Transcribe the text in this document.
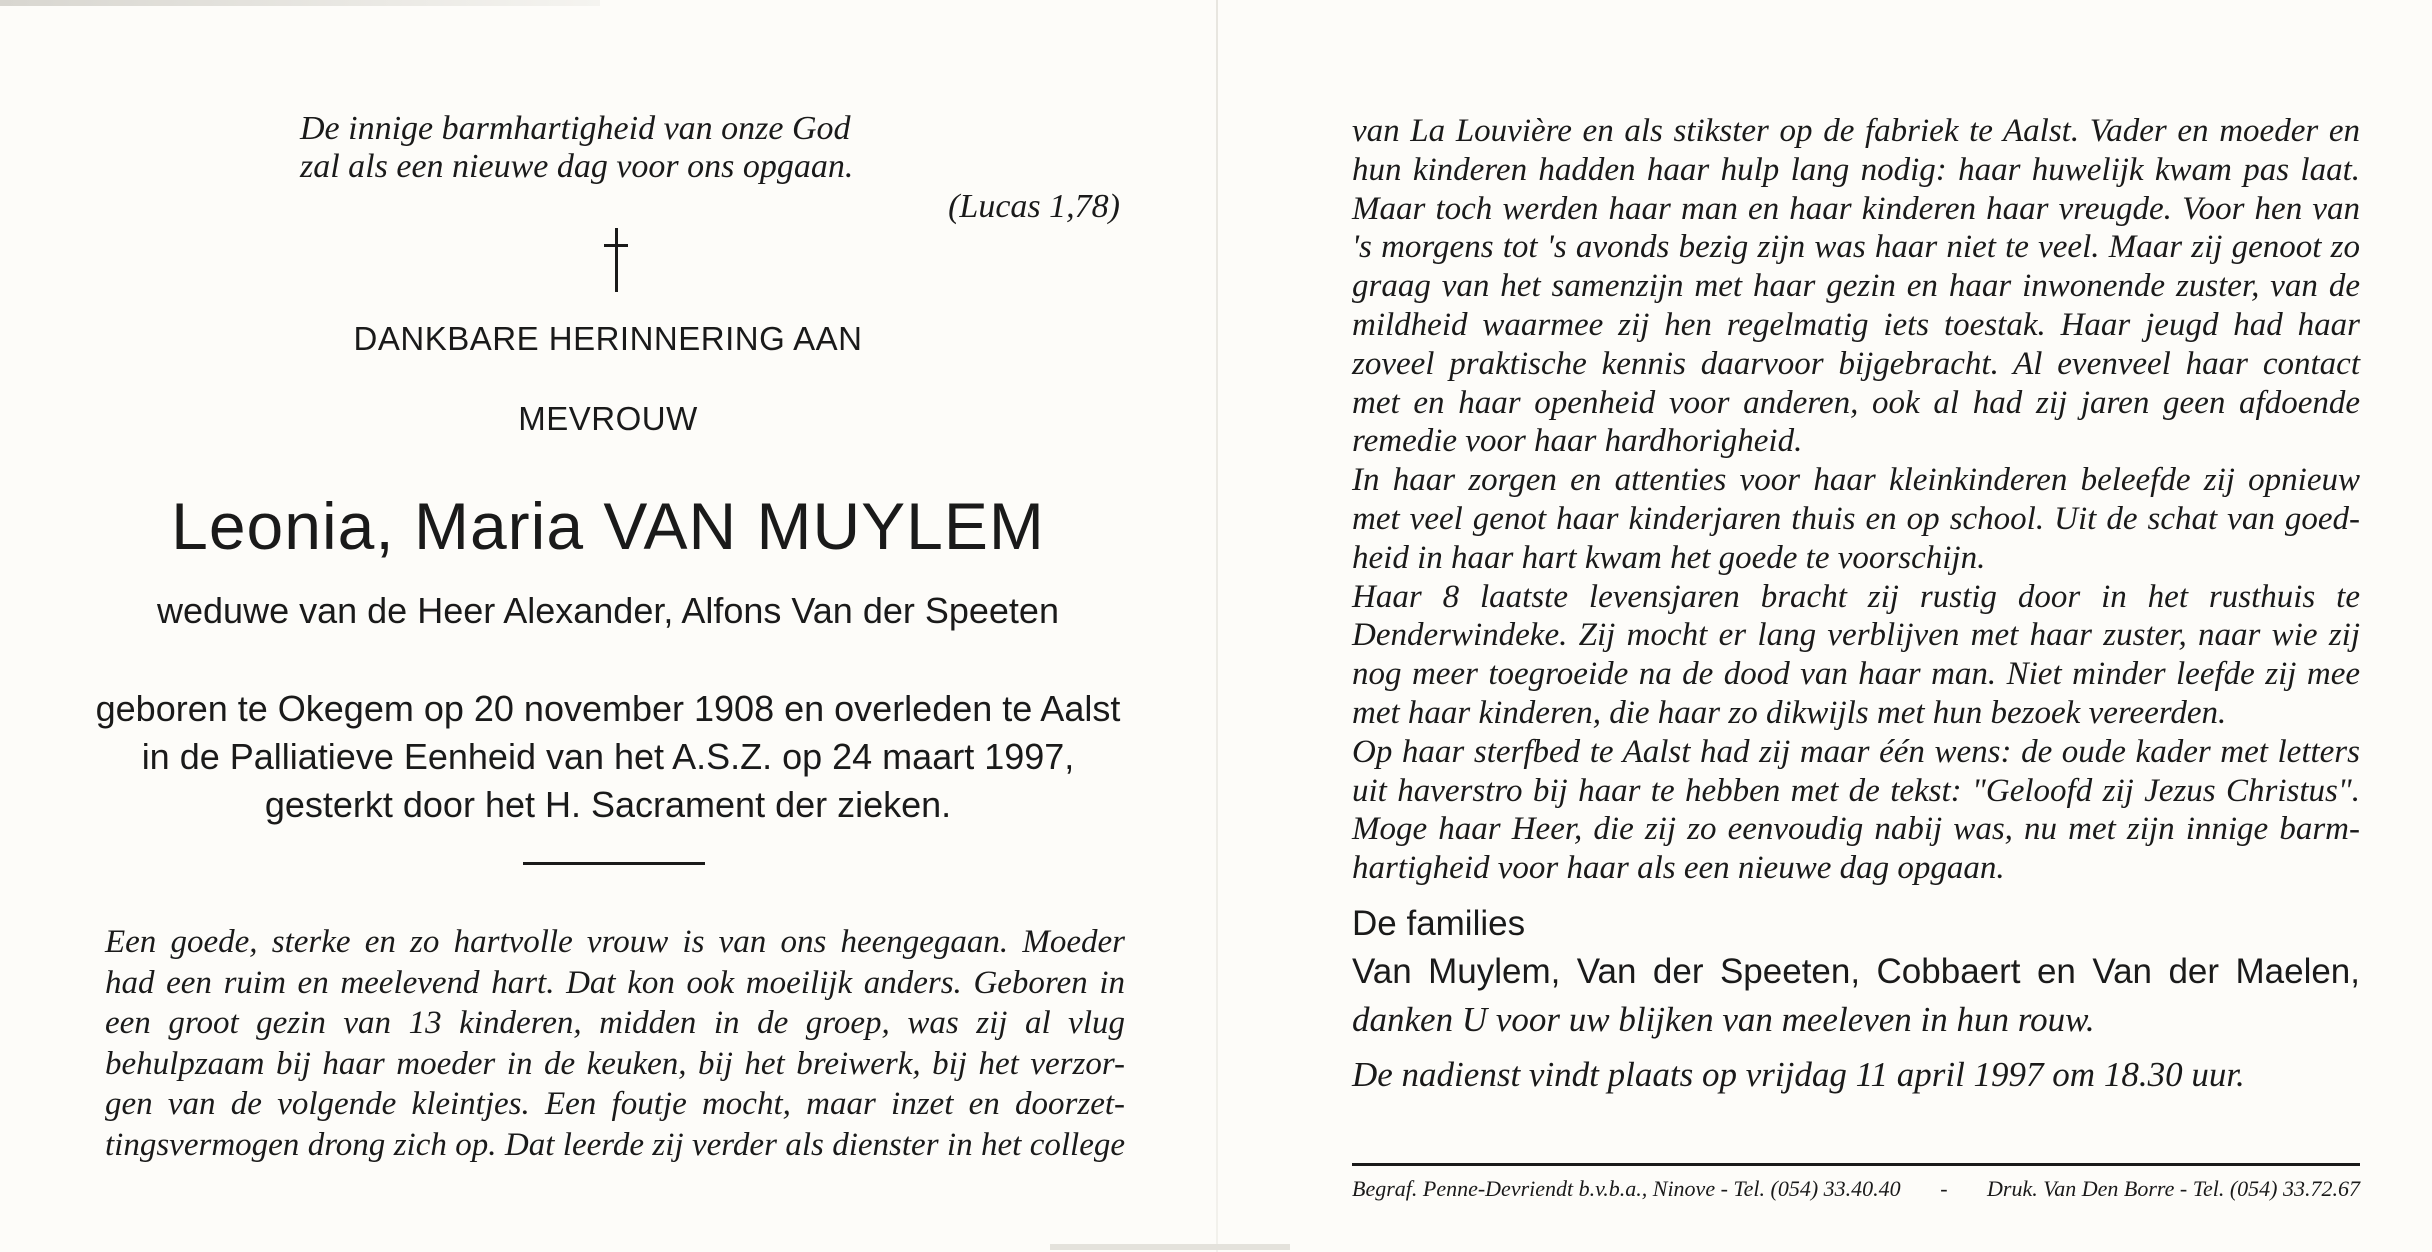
De innige barmhartigheid van onze God
zal als een nieuwe dag voor ons opgaan.
(Lucas 1,78)
DANKBARE HERINNERING AAN
MEVROUW
Leonia, Maria VAN MUYLEM
weduwe van de Heer Alexander, Alfons Van der Speeten
geboren te Okegem op 20 november 1908 en overleden te Aalst
in de Palliatieve Eenheid van het A.S.Z. op 24 maart 1997,
gesterkt door het H. Sacrament der zieken.
Een goede, sterke en zo hartvolle vrouw is van ons heengegaan. Moeder
had een ruim en meelevend hart. Dat kon ook moeilijk anders. Geboren in
een groot gezin van 13 kinderen, midden in de groep, was zij al vlug
behulpzaam bij haar moeder in de keuken, bij het breiwerk, bij het verzor-
gen van de volgende kleintjes. Een foutje mocht, maar inzet en doorzet-
tingsvermogen drong zich op. Dat leerde zij verder als dienster in het college
van La Louvière en als stikster op de fabriek te Aalst. Vader en moeder en
hun kinderen hadden haar hulp lang nodig: haar huwelijk kwam pas laat.
Maar toch werden haar man en haar kinderen haar vreugde. Voor hen van
's morgens tot 's avonds bezig zijn was haar niet te veel. Maar zij genoot zo
graag van het samenzijn met haar gezin en haar inwonende zuster, van de
mildheid waarmee zij hen regelmatig iets toestak. Haar jeugd had haar
zoveel praktische kennis daarvoor bijgebracht. Al evenveel haar contact
met en haar openheid voor anderen, ook al had zij jaren geen afdoende
remedie voor haar hardhorigheid.
In haar zorgen en attenties voor haar kleinkinderen beleefde zij opnieuw
met veel genot haar kinderjaren thuis en op school. Uit de schat van goed-
heid in haar hart kwam het goede te voorschijn.
Haar 8 laatste levensjaren bracht zij rustig door in het rusthuis te
Denderwindeke. Zij mocht er lang verblijven met haar zuster, naar wie zij
nog meer toegroeide na de dood van haar man. Niet minder leefde zij mee
met haar kinderen, die haar zo dikwijls met hun bezoek vereerden.
Op haar sterfbed te Aalst had zij maar één wens: de oude kader met letters
uit haverstro bij haar te hebben met de tekst: "Geloofd zij Jezus Christus".
Moge haar Heer, die zij zo eenvoudig nabij was, nu met zijn innige barm-
hartigheid voor haar als een nieuwe dag opgaan.
De families
Van Muylem, Van der Speeten, Cobbaert en Van der Maelen,
danken U voor uw blijken van meeleven in hun rouw.
De nadienst vindt plaats op vrijdag 11 april 1997 om 18.30 uur.
Begraf. Penne-Devriendt b.v.b.a., Ninove - Tel. (054) 33.40.40 - Druk. Van Den Borre - Tel. (054) 33.72.67
